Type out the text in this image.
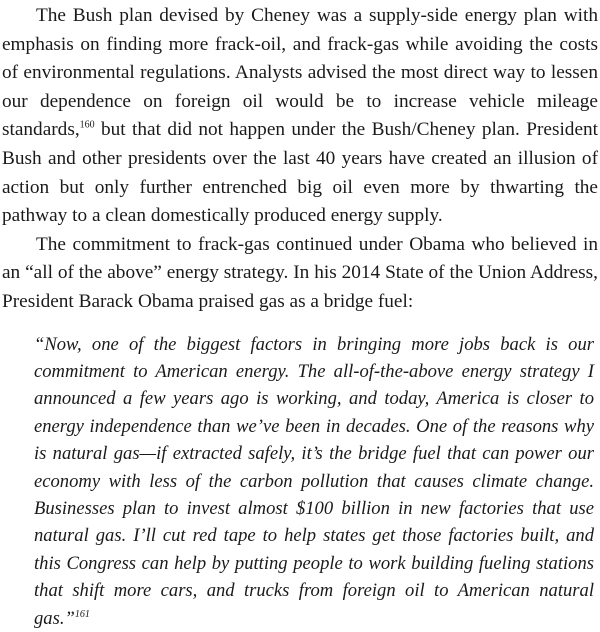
The Bush plan devised by Cheney was a supply-side energy plan with emphasis on finding more frack-oil, and frack-gas while avoiding the costs of environmental regulations. Analysts advised the most direct way to lessen our dependence on foreign oil would be to increase vehicle mileage standards,$^{160}$ but that did not happen under the Bush/Cheney plan. President Bush and other presidents over the last 40 years have created an illusion of action but only further entrenched big oil even more by thwarting the pathway to a clean domestically produced energy supply.

The commitment to frack-gas continued under Obama who believed in an “all of the above” energy strategy. In his 2014 State of the Union Address, President Barack Obama praised gas as a bridge fuel:

“Now, one of the biggest factors in bringing more jobs back is our commitment to American energy. The all-of-the-above energy strategy I announced a few years ago is working, and today, America is closer to energy independence than we’ve been in decades. One of the reasons why is natural gas—if extracted safely, it’s the bridge fuel that can power our economy with less of the carbon pollution that causes climate change. Businesses plan to invest almost $100 billion in new factories that use natural gas. I’ll cut red tape to help states get those factories built, and this Congress can help by putting people to work building fueling stations that shift more cars, and trucks from foreign oil to American natural gas.”$^{161}$
